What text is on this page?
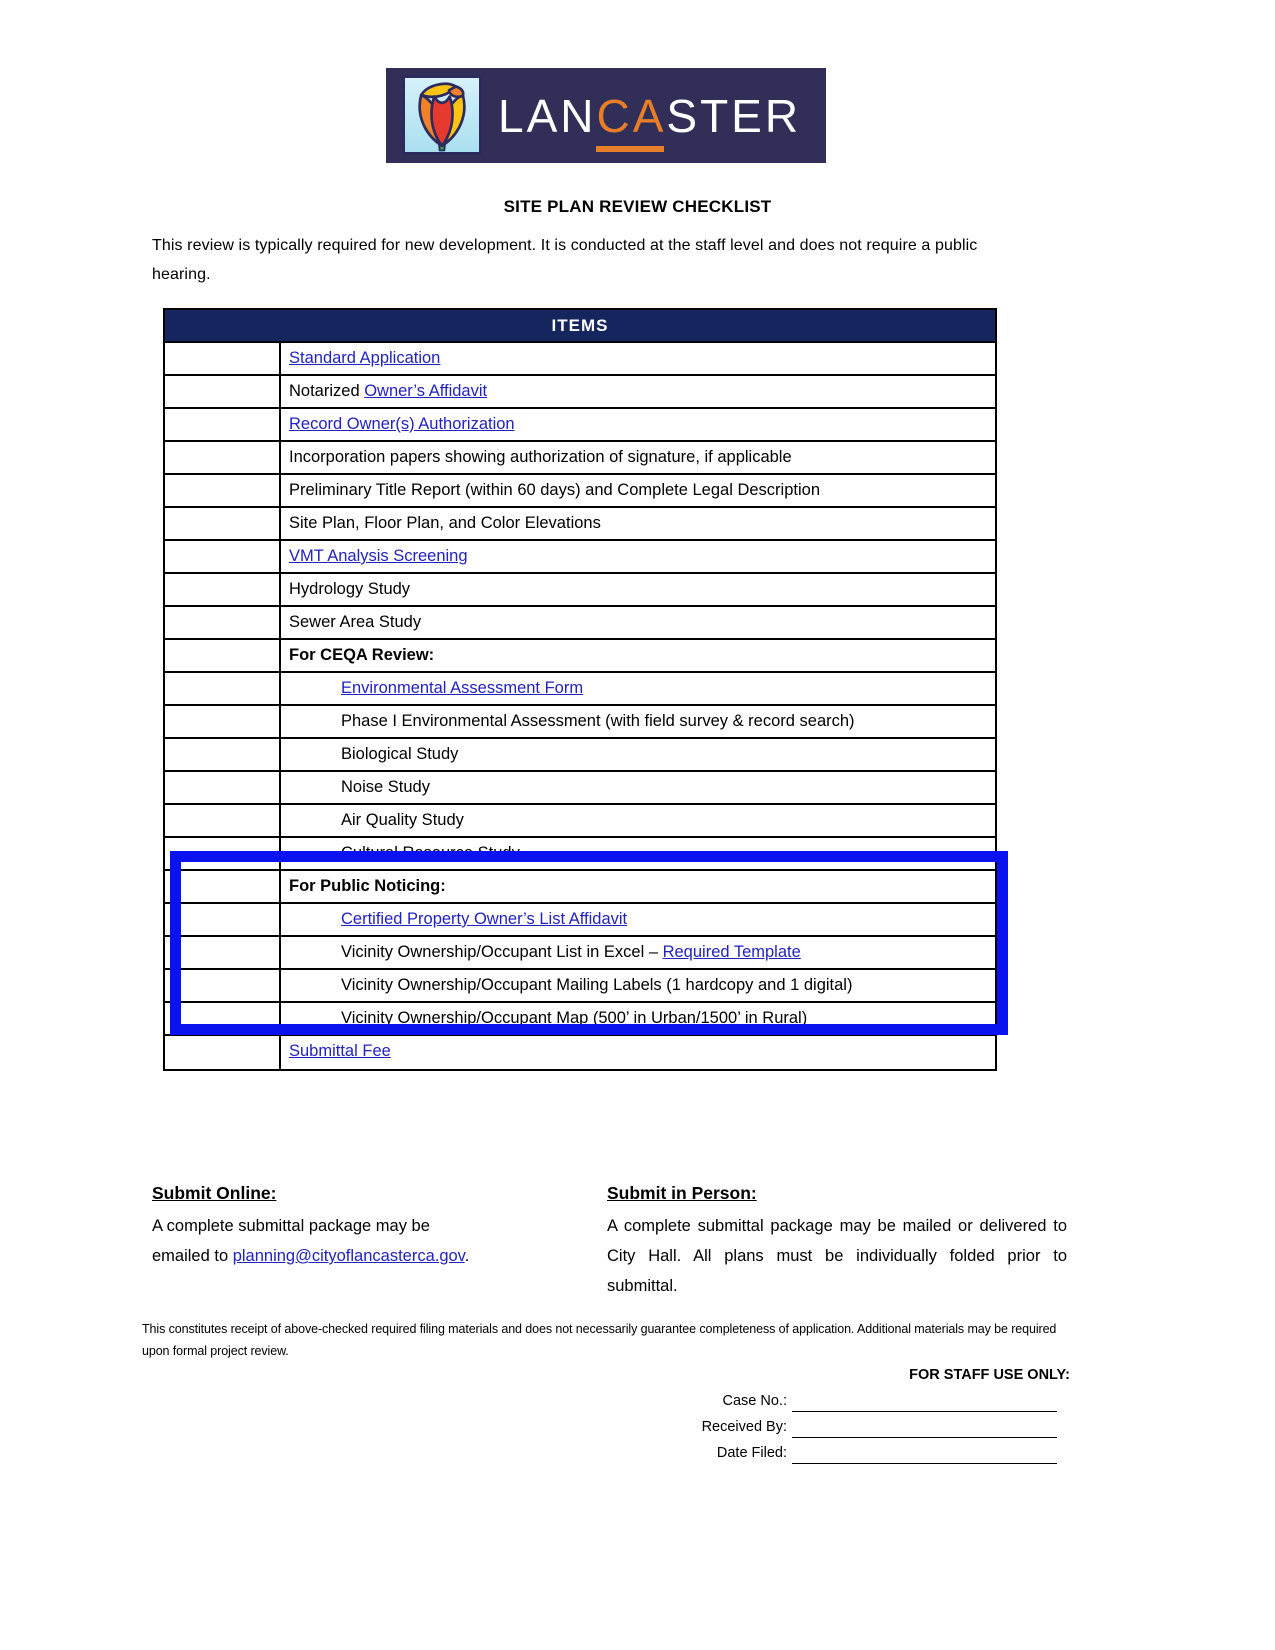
LAN CA STER
SITE PLAN REVIEW CHECKLIST
This review is typically required for new development. It is conducted at the staff level and does not require a public hearing.
ITEMS
Standard Application
Notarized Owner’s Affidavit
Record Owner(s) Authorization
Incorporation papers showing authorization of signature, if applicable
Preliminary Title Report (within 60 days) and Complete Legal Description
Site Plan, Floor Plan, and Color Elevations
VMT Analysis Screening
Hydrology Study
Sewer Area Study
For CEQA Review:
Environmental Assessment Form
Phase I Environmental Assessment (with field survey & record search)
Biological Study
Noise Study
Air Quality Study
Cultural Resource Study
For Public Noticing:
Certified Property Owner’s List Affidavit
Vicinity Ownership/Occupant List in Excel – Required Template
Vicinity Ownership/Occupant Mailing Labels (1 hardcopy and 1 digital)
Vicinity Ownership/Occupant Map (500’ in Urban/1500’ in Rural)
Submittal Fee
Submit Online:
A complete submittal package may be
emailed to planning@cityoflancasterca.gov.
Submit in Person:
A complete submittal package may be mailed or delivered to City Hall. All plans must be individually folded prior to submittal.
This constitutes receipt of above-checked required filing materials and does not necessarily guarantee completeness of application. Additional materials may be required upon formal project review.
FOR STAFF USE ONLY:
Case No.:
Received By:
Date Filed:
